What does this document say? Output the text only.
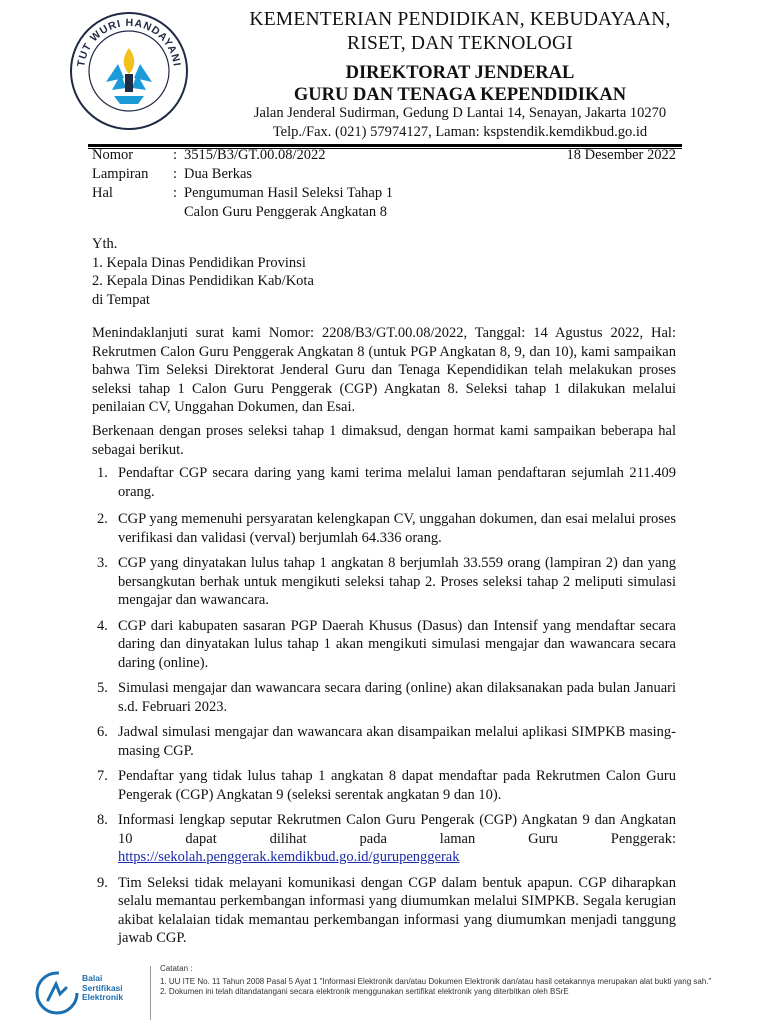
TUT WURI HANDAYANI
KEMENTERIAN PENDIDIKAN, KEBUDAYAAN,
RISET, DAN TEKNOLOGI
DIREKTORAT JENDERAL
GURU DAN TENAGA KEPENDIDIKAN
Jalan Jenderal Sudirman, Gedung D Lantai 14, Senayan, Jakarta 10270
Telp./Fax. (021) 57974127, Laman: kspstendik.kemdikbud.go.id
Nomor	: 3515/B3/GT.00.08/2022	18 Desember 2022
Lampiran : Dua Berkas
Hal	: Pengumuman Hasil Seleksi Tahap 1
Calon Guru Penggerak Angkatan 8
Yth.
1. Kepala Dinas Pendidikan Provinsi
2. Kepala Dinas Pendidikan Kab/Kota
di Tempat

Menindaklanjuti surat kami Nomor: 2208/B3/GT.00.08/2022, Tanggal: 14 Agustus 2022, Hal: Rekrutmen Calon Guru Penggerak Angkatan 8 (untuk PGP Angkatan 8, 9, dan 10), kami sampaikan bahwa Tim Seleksi Direktorat Jenderal Guru dan Tenaga Kependidikan telah melakukan proses seleksi tahap 1 Calon Guru Penggerak (CGP) Angkatan 8. Seleksi tahap 1 dilakukan melalui penilaian CV, Unggahan Dokumen, dan Esai.

Berkenaan dengan proses seleksi tahap 1 dimaksud, dengan hormat kami sampaikan beberapa hal sebagai berikut.

1. Pendaftar CGP secara daring yang kami terima melalui laman pendaftaran sejumlah 211.409 orang.
2. CGP yang memenuhi persyaratan kelengkapan CV, unggahan dokumen, dan esai melalui proses verifikasi dan validasi (verval) berjumlah 64.336 orang.
3. CGP yang dinyatakan lulus tahap 1 angkatan 8 berjumlah 33.559 orang (lampiran 2) dan yang bersangkutan berhak untuk mengikuti seleksi tahap 2. Proses seleksi tahap 2 meliputi simulasi mengajar dan wawancara.
4. CGP dari kabupaten sasaran PGP Daerah Khusus (Dasus) dan Intensif yang mendaftar secara daring dan dinyatakan lulus tahap 1 akan mengikuti simulasi mengajar dan wawancara secara daring (online).
5. Simulasi mengajar dan wawancara secara daring (online) akan dilaksanakan pada bulan Januari s.d. Februari 2023.
6. Jadwal simulasi mengajar dan wawancara akan disampaikan melalui aplikasi SIMPKB masing-masing CGP.
7. Pendaftar yang tidak lulus tahap 1 angkatan 8 dapat mendaftar pada Rekrutmen Calon Guru Pengerak (CGP) Angkatan 9 (seleksi serentak angkatan 9 dan 10).
8. Informasi lengkap seputar Rekrutmen Calon Guru Pengerak (CGP) Angkatan 9 dan Angkatan 10 dapat dilihat pada laman Guru Penggerak: https://sekolah.penggerak.kemdikbud.go.id/gurupenggerak
9. Tim Seleksi tidak melayani komunikasi dengan CGP dalam bentuk apapun. CGP diharapkan selalu memantau perkembangan informasi yang diumumkan melalui SIMPKB. Segala kerugian akibat kelalaian tidak memantau perkembangan informasi yang diumumkan menjadi tanggung jawab CGP.
Balai
Sertifikasi
Elektronik
Catatan :
1. UU ITE No. 11 Tahun 2008 Pasal 5 Ayat 1 "Informasi Elektronik dan/atau Dokumen Elektronik dan/atau hasil cetakannya merupakan alat bukti yang sah."
2. Dokumen ini telah ditandatangani secara elektronik menggunakan sertifikat elektronik yang diterbitkan oleh BSrE
